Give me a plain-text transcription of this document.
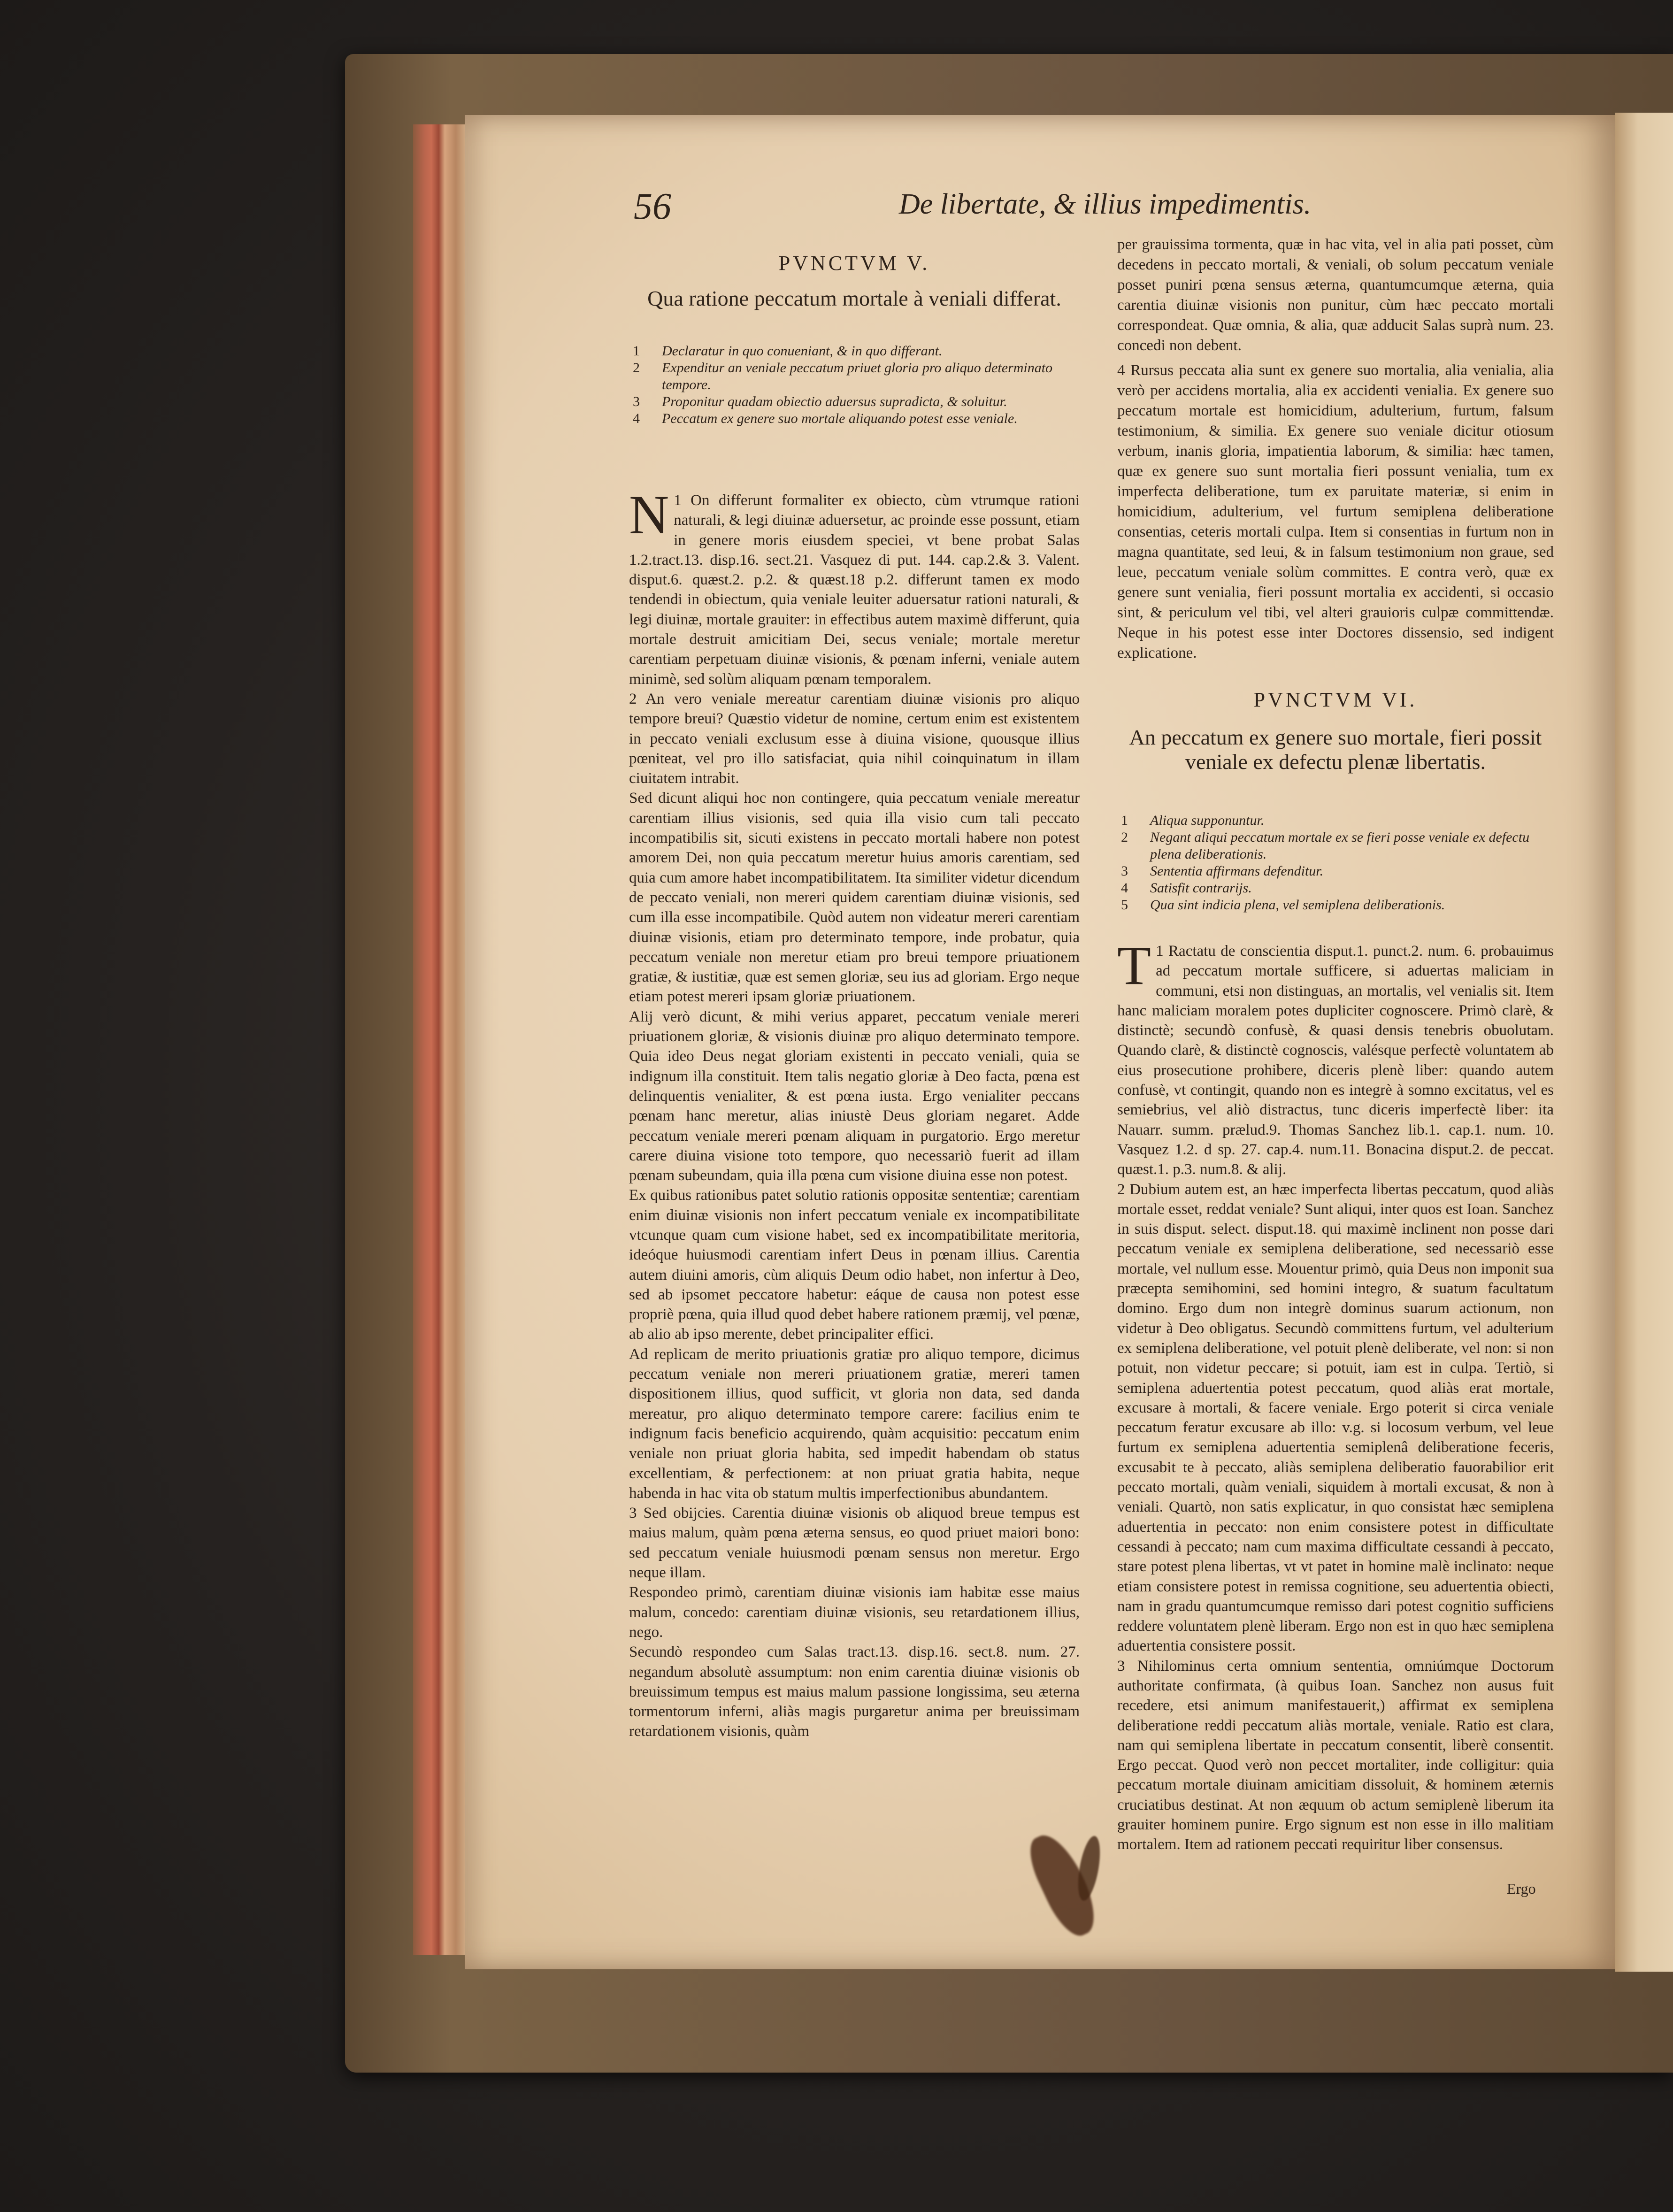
56	De libertate, & illius impedimentis.
PVNCTVM V.
Qua ratione peccatum mortale à veniali differat.
1 Declaratur in quo conueniant, & in quo differant.
2 Expenditur an veniale peccatum priuet gloria pro aliquo determinato tempore.
3 Proponitur quadam obiectio aduersus supradicta, & soluitur.
4 Peccatum ex genere suo mortale aliquando potest esse veniale.

N 1 On differunt formaliter ex obiecto, cùm vtrumque rationi naturali, & legi diuinæ aduersetur, ac proinde esse possunt, etiam in genere moris eiusdem speciei, vt bene probat Salas 1.2.tract.13. disp.16. sect.21. Vasquez di put. 144. cap.2.& 3. Valent. disput.6. quæst.2. p.2. & quæst.18 p.2. differunt tamen ex modo tendendi in obiectum, quia veniale leuiter aduersatur rationi naturali, & legi diuinæ, mortale grauiter: in effectibus autem maximè differunt, quia mortale destruit amicitiam Dei, secus veniale; mortale meretur carentiam perpetuam diuinæ visionis, & pœnam inferni, veniale autem minimè, sed solùm aliquam pœnam temporalem.

2 An vero veniale mereatur carentiam diuinæ visionis pro aliquo tempore breui? Quæstio videtur de nomine, certum enim est existentem in peccato veniali exclusum esse à diuina visione, quousque illius pœniteat, vel pro illo satisfaciat, quia nihil coinquinatum in illam ciuitatem intrabit.

Sed dicunt aliqui hoc non contingere, quia peccatum veniale mereatur carentiam illius visionis, sed quia illa visio cum tali peccato incompatibilis sit, sicuti existens in peccato mortali habere non potest amorem Dei, non quia peccatum meretur huius amoris carentiam, sed quia cum amore habet incompatibilitatem. Ita similiter videtur dicendum de peccato veniali, non mereri quidem carentiam diuinæ visionis, sed cum illa esse incompatibile. Quòd autem non videatur mereri carentiam diuinæ visionis, etiam pro determinato tempore, inde probatur, quia peccatum veniale non meretur etiam pro breui tempore priuationem gratiæ, & iustitiæ, quæ est semen gloriæ, seu ius ad gloriam. Ergo neque etiam potest mereri ipsam gloriæ priuationem.

Alij verò dicunt, & mihi verius apparet, peccatum veniale mereri priuationem gloriæ, & visionis diuinæ pro aliquo determinato tempore. Quia ideo Deus negat gloriam existenti in peccato veniali, quia se indignum illa constituit. Item talis negatio gloriæ à Deo facta, pœna est delinquentis venialiter, & est pœna iusta. Ergo venialiter peccans pœnam hanc meretur, alias iniustè Deus gloriam negaret. Adde peccatum veniale mereri pœnam aliquam in purgatorio. Ergo meretur carere diuina visione toto tempore, quo necessariò fuerit ad illam pœnam subeundam, quia illa pœna cum visione diuina esse non potest.

Ex quibus rationibus patet solutio rationis oppositæ sententiæ; carentiam enim diuinæ visionis non infert peccatum veniale ex incompatibilitate vtcunque quam cum visione habet, sed ex incompatibilitate meritoria, ideóque huiusmodi carentiam infert Deus in pœnam illius. Carentia autem diuini amoris, cùm aliquis Deum odio habet, non infertur à Deo, sed ab ipsomet peccatore habetur: eáque de causa non potest esse propriè pœna, quia illud quod debet habere rationem præmij, vel pœnæ, ab alio ab ipso merente, debet principaliter effici.

Ad replicam de merito priuationis gratiæ pro aliquo tempore, dicimus peccatum veniale non mereri priuationem gratiæ, mereri tamen dispositionem illius, quod sufficit, vt gloria non data, sed danda mereatur, pro aliquo determinato tempore carere: facilius enim te indignum facis beneficio acquirendo, quàm acquisitio: peccatum enim veniale non priuat gloria habita, sed impedit habendam ob status excellentiam, & perfectionem: at non priuat gratia habita, neque habenda in hac vita ob statum multis imperfectionibus abundantem.

3 Sed obijcies. Carentia diuinæ visionis ob aliquod breue tempus est maius malum, quàm pœna æterna sensus, eo quod priuet maiori bono: sed peccatum veniale huiusmodi pœnam sensus non meretur. Ergo neque illam.

Respondeo primò, carentiam diuinæ visionis iam habitæ esse maius malum, concedo: carentiam diuinæ visionis, seu retardationem illius, nego.

Secundò respondeo cum Salas tract.13. disp.16. sect.8. num. 27. negandum absolutè assumptum: non enim carentia diuinæ visionis ob breuissimum tempus est maius malum passione longissima, seu æterna tormentorum inferni, aliàs magis purgaretur anima per breuissimam retardationem visionis, quàm

per grauissima tormenta, quæ in hac vita, vel in alia pati posset, cùm decedens in peccato mortali, & veniali, ob solum peccatum veniale posset puniri pœna sensus æterna, quantumcumque æterna, quia carentia diuinæ visionis non punitur, cùm hæc peccato mortali correspondeat. Quæ omnia, & alia, quæ adducit Salas suprà num. 23. concedi non debent.

4 Rursus peccata alia sunt ex genere suo mortalia, alia venialia, alia verò per accidens mortalia, alia ex accidenti venialia. Ex genere suo peccatum mortale est homicidium, adulterium, furtum, falsum testimonium, & similia. Ex genere suo veniale dicitur otiosum verbum, inanis gloria, impatientia laborum, & similia: hæc tamen, quæ ex genere suo sunt mortalia fieri possunt venialia, tum ex imperfecta deliberatione, tum ex paruitate materiæ, si enim in homicidium, adulterium, vel furtum semiplena deliberatione consentias, ceteris mortali culpa. Item si consentias in furtum non in magna quantitate, sed leui, & in falsum testimonium non graue, sed leue, peccatum veniale solùm committes. E contra verò, quæ ex genere sunt venialia, fieri possunt mortalia ex accidenti, si occasio sint, & periculum vel tibi, vel alteri grauioris culpæ committendæ. Neque in his potest esse inter Doctores dissensio, sed indigent explicatione.

PVNCTVM VI.
An peccatum ex genere suo mortale, fieri possit veniale ex defectu plenæ libertatis.
1 Aliqua supponuntur.
2 Negant aliqui peccatum mortale ex se fieri posse veniale ex defectu plena deliberationis.
3 Sententia affirmans defenditur.
4 Satisfit contrarijs.
5 Qua sint indicia plena, vel semiplena deliberationis.

T 1 Ractatu de conscientia disput.1. punct.2. num. 6. probauimus ad peccatum mortale sufficere, si aduertas maliciam in communi, etsi non distinguas, an mortalis, vel venialis sit. Item hanc maliciam moralem potes dupliciter cognoscere. Primò clarè, & distinctè; secundò confusè, & quasi densis tenebris obuolutam. Quando clarè, & distinctè cognoscis, valésque perfectè voluntatem ab eius prosecutione prohibere, diceris plenè liber: quando autem confusè, vt contingit, quando non es integrè à somno excitatus, vel es semiebrius, vel aliò distractus, tunc diceris imperfectè liber: ita Nauarr. summ. prælud.9. Thomas Sanchez lib.1. cap.1. num. 10. Vasquez 1.2. d sp. 27. cap.4. num.11. Bonacina disput.2. de peccat. quæst.1. p.3. num.8. & alij.

2 Dubium autem est, an hæc imperfecta libertas peccatum, quod aliàs mortale esset, reddat veniale? Sunt aliqui, inter quos est Ioan. Sanchez in suis disput. select. disput.18. qui maximè inclinent non posse dari peccatum veniale ex semiplena deliberatione, sed necessariò esse mortale, vel nullum esse. Mouentur primò, quia Deus non imponit sua præcepta semihomini, sed homini integro, & suatum facultatum domino. Ergo dum non integrè dominus suarum actionum, non videtur à Deo obligatus. Secundò committens furtum, vel adulterium ex semiplena deliberatione, vel potuit plenè deliberate, vel non: si non potuit, non videtur peccare; si potuit, iam est in culpa. Tertiò, si semiplena aduertentia potest peccatum, quod aliàs erat mortale, excusare à mortali, & facere veniale. Ergo poterit si circa veniale peccatum feratur excusare ab illo: v.g. si locosum verbum, vel leue furtum ex semiplena aduertentia semiplenâ deliberatione feceris, excusabit te à peccato, aliàs semiplena deliberatio fauorabilior erit peccato mortali, quàm veniali, siquidem à mortali excusat, & non à veniali. Quartò, non satis explicatur, in quo consistat hæc semiplena aduertentia in peccato: non enim consistere potest in difficultate cessandi à peccato; nam cum maxima difficultate cessandi à peccato, stare potest plena libertas, vt vt patet in homine malè inclinato: neque etiam consistere potest in remissa cognitione, seu aduertentia obiecti, nam in gradu quantumcumque remisso dari potest cognitio sufficiens reddere voluntatem plenè liberam. Ergo non est in quo hæc semiplena aduertentia consistere possit.

3 Nihilominus certa omnium sententia, omniúmque Doctorum authoritate confirmata, (à quibus Ioan. Sanchez non ausus fuit recedere, etsi animum manifestauerit,) affirmat ex semiplena deliberatione reddi peccatum aliàs mortale, veniale. Ratio est clara, nam qui semiplena libertate in peccatum consentit, liberè consentit. Ergo peccat. Quod verò non peccet mortaliter, inde colligitur: quia peccatum mortale diuinam amicitiam dissoluit, & hominem æternis cruciatibus destinat. At non æquum ob actum semiplenè liberum ita grauiter hominem punire. Ergo signum est non esse in illo malitiam mortalem. Item ad rationem peccati requiritur liber consensus.

Ergo
